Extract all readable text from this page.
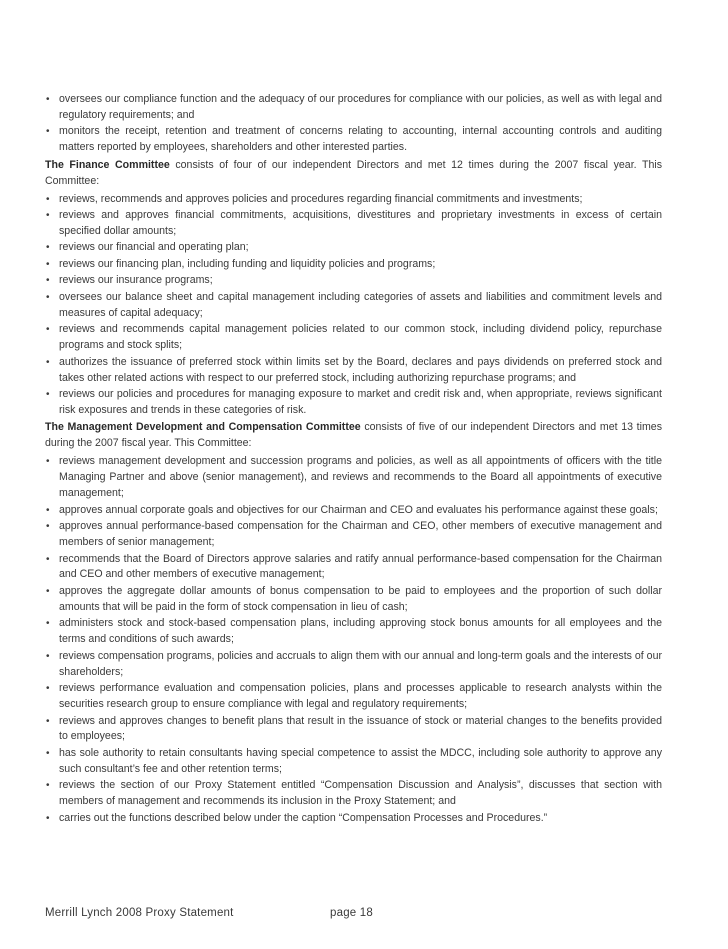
• oversees our compliance function and the adequacy of our procedures for compliance with our policies, as well as with legal and regulatory requirements; and
• monitors the receipt, retention and treatment of concerns relating to accounting, internal accounting controls and auditing matters reported by employees, shareholders and other interested parties.

The Finance Committee consists of four of our independent Directors and met 12 times during the 2007 fiscal year. This Committee:

• reviews, recommends and approves policies and procedures regarding financial commitments and investments;
• reviews and approves financial commitments, acquisitions, divestitures and proprietary investments in excess of certain specified dollar amounts;
• reviews our financial and operating plan;
• reviews our financing plan, including funding and liquidity policies and programs;
• reviews our insurance programs;
• oversees our balance sheet and capital management including categories of assets and liabilities and commitment levels and measures of capital adequacy;
• reviews and recommends capital management policies related to our common stock, including dividend policy, repurchase programs and stock splits;
• authorizes the issuance of preferred stock within limits set by the Board, declares and pays dividends on preferred stock and takes other related actions with respect to our preferred stock, including authorizing repurchase programs; and
• reviews our policies and procedures for managing exposure to market and credit risk and, when appropriate, reviews significant risk exposures and trends in these categories of risk.

The Management Development and Compensation Committee consists of five of our independent Directors and met 13 times during the 2007 fiscal year. This Committee:

• reviews management development and succession programs and policies, as well as all appointments of officers with the title Managing Partner and above (senior management), and reviews and recommends to the Board all appointments of executive management;
• approves annual corporate goals and objectives for our Chairman and CEO and evaluates his performance against these goals;
• approves annual performance-based compensation for the Chairman and CEO, other members of executive management and members of senior management;
• recommends that the Board of Directors approve salaries and ratify annual performance-based compensation for the Chairman and CEO and other members of executive management;
• approves the aggregate dollar amounts of bonus compensation to be paid to employees and the proportion of such dollar amounts that will be paid in the form of stock compensation in lieu of cash;
• administers stock and stock-based compensation plans, including approving stock bonus amounts for all employees and the terms and conditions of such awards;
• reviews compensation programs, policies and accruals to align them with our annual and long-term goals and the interests of our shareholders;
• reviews performance evaluation and compensation policies, plans and processes applicable to research analysts within the securities research group to ensure compliance with legal and regulatory requirements;
• reviews and approves changes to benefit plans that result in the issuance of stock or material changes to the benefits provided to employees;
• has sole authority to retain consultants having special competence to assist the MDCC, including sole authority to approve any such consultant’s fee and other retention terms;
• reviews the section of our Proxy Statement entitled “Compensation Discussion and Analysis”, discusses that section with members of management and recommends its inclusion in the Proxy Statement; and
• carries out the functions described below under the caption “Compensation Processes and Procedures.”
Merrill Lynch 2008 Proxy Statement	page 18
